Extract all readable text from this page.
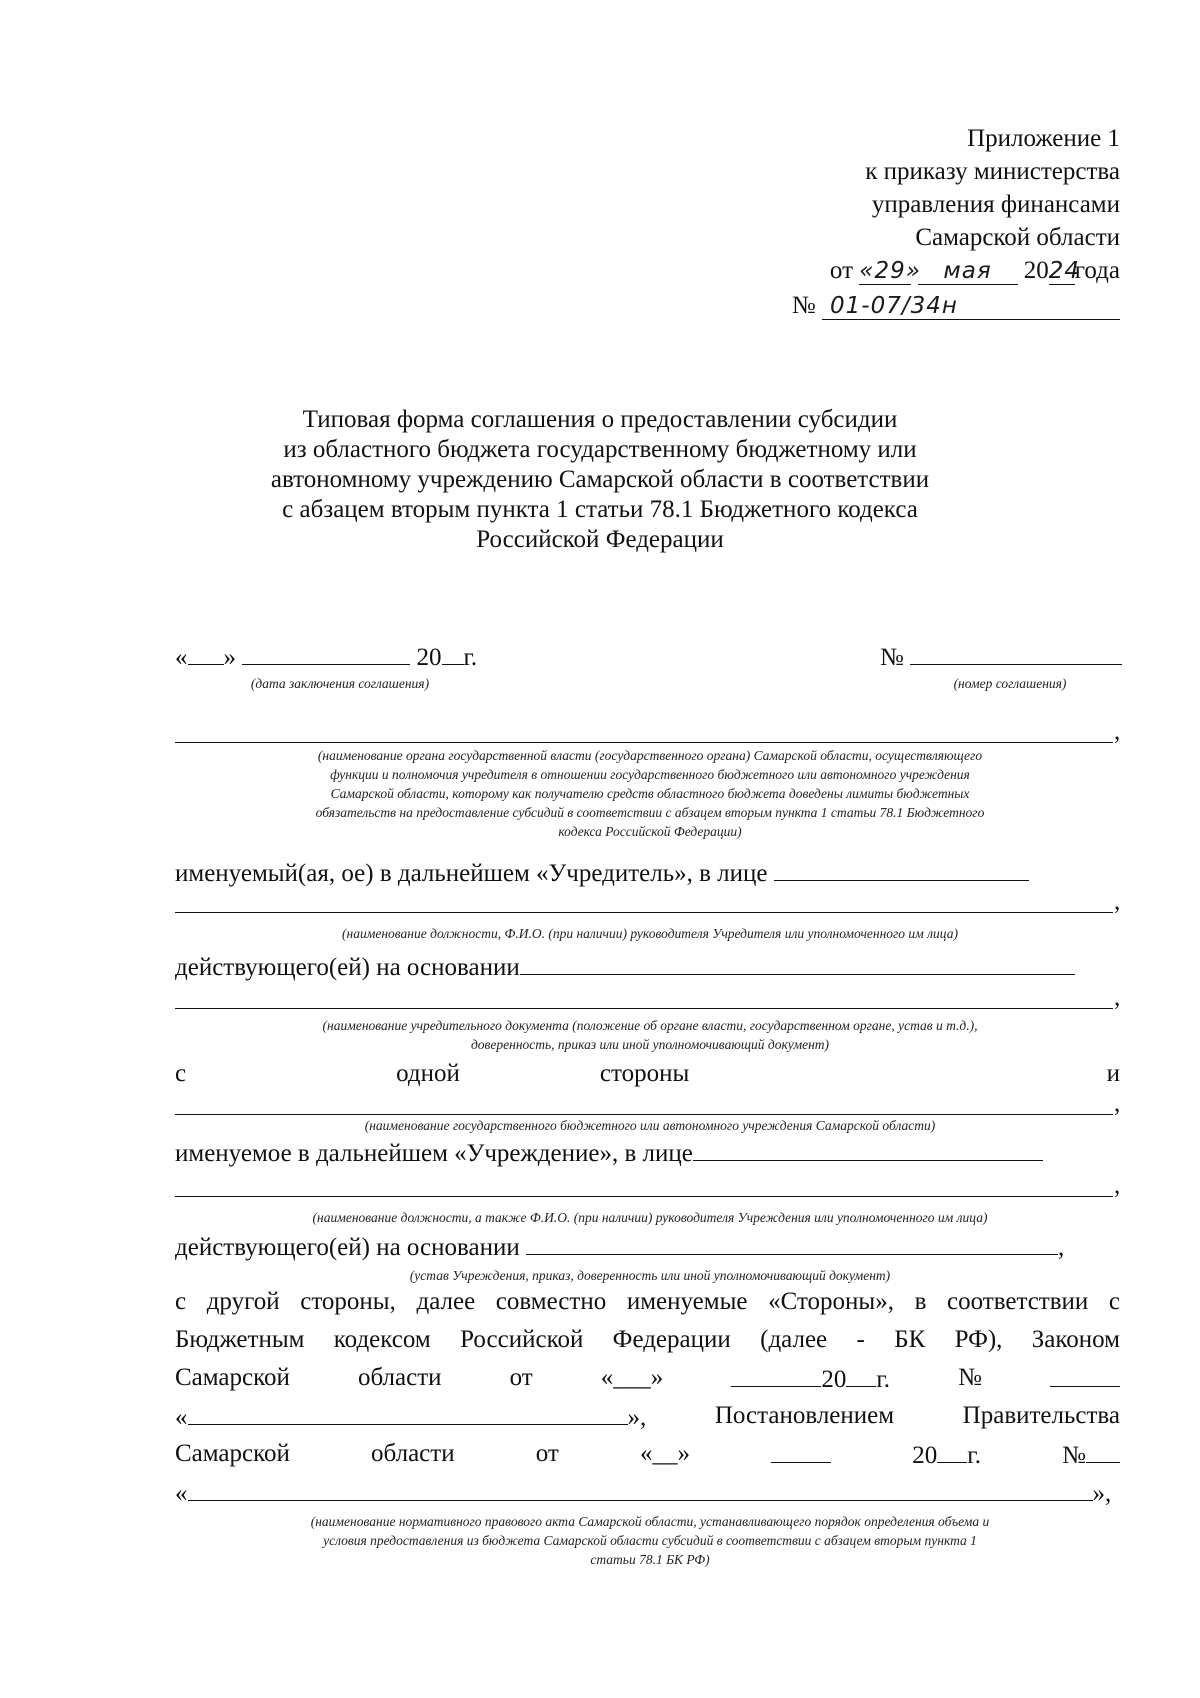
Приложение 1
к приказу министерства
управления финансами
Самарской области
от «29» мая 2024года
№ 01-07/34н
Типовая форма соглашения о предоставлении субсидии
из областного бюджета государственному бюджетному или
автономному учреждению Самарской области в соответствии
с абзацем вторым пункта 1 статьи 78.1 Бюджетного кодекса
Российской Федерации
« »	20 г.	№
(дата заключения соглашения)	(номер соглашения)
,
(наименование органа государственной власти (государственного органа) Самарской области, осуществляющего
функции и полномочия учредителя в отношении государственного бюджетного или автономного учреждения
Самарской области, которому как получателю средств областного бюджета доведены лимиты бюджетных
обязательств на предоставление субсидий в соответствии с абзацем вторым пункта 1 статьи 78.1 Бюджетного
кодекса Российской Федерации)
именуемый(ая, ое) в дальнейшем «Учредитель», в лице
,
(наименование должности, Ф.И.О. (при наличии) руководителя Учредителя или уполномоченного им лица)
действующего(ей) на основании
,
(наименование учредительного документа (положение об органе власти, государственном органе, устав и т.д.),
доверенность, приказ или иной уполномочивающий документ)
с	одной	стороны	и
,
(наименование государственного бюджетного или автономного учреждения Самарской области)
именуемое в дальнейшем «Учреждение», в лице
,
(наименование должности, а также Ф.И.О. (при наличии) руководителя Учреждения или уполномоченного им лица)
действующего(ей) на основании	,
(устав Учреждения, приказ, доверенность или иной уполномочивающий документ)
с другой стороны, далее совместно именуемые «Стороны», в соответствии с
Бюджетным кодексом Российской Федерации (далее - БК РФ), Законом
Самарской	области	от	«___»	20 г.	№
«	»,	Постановлением	Правительства
Самарской	области	от	«__»	20 г.	№
«	»,
(наименование нормативного правового акта Самарской области, устанавливающего порядок определения объема и
условия предоставления из бюджета Самарской области субсидий в соответствии с абзацем вторым пункта 1
статьи 78.1 БК РФ)
